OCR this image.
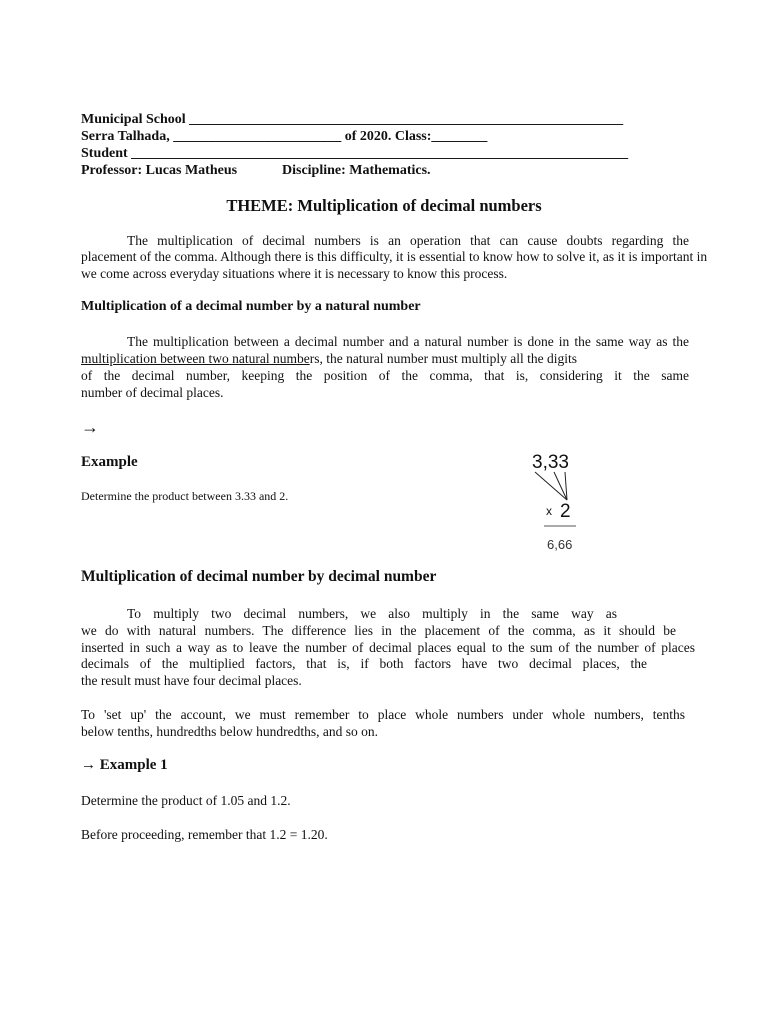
Municipal School ______________________________________________________________
Serra Talhada, ________________________ of 2020. Class:________
Student _______________________________________________________________________
Professor: Lucas Matheus	Discipline: Mathematics.
THEME: Multiplication of decimal numbers
The multiplication of decimal numbers is an operation that can cause doubts regarding the
placement of the comma. Although there is this difficulty, it is essential to know how to solve it, as it is important in
we come across everyday situations where it is necessary to know this process.
Multiplication of a decimal number by a natural number
The multiplication between a decimal number and a natural number is done in the same way as the
multiplication between two natural numbers, the natural number must multiply all the digits
of the decimal number, keeping the position of the comma, that is, considering it the same
number of decimal places.
→
Example
Determine the product between 3.33 and 2.
3,33
x 2
6,66
Multiplication of decimal number by decimal number
To multiply two decimal numbers, we also multiply in the same way as
we do with natural numbers. The difference lies in the placement of the comma, as it should be
inserted in such a way as to leave the number of decimal places equal to the sum of the number of places
decimals of the multiplied factors, that is, if both factors have two decimal places, the
the result must have four decimal places.
To 'set up' the account, we must remember to place whole numbers under whole numbers, tenths
below tenths, hundredths below hundredths, and so on.
→ Example 1
Determine the product of 1.05 and 1.2.
Before proceeding, remember that 1.2 = 1.20.
